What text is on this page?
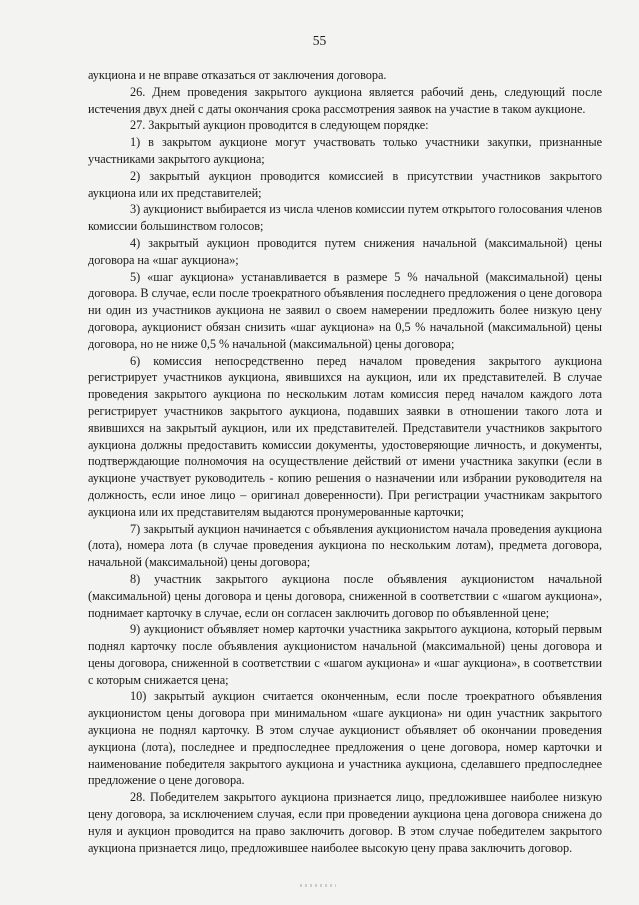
55

аукциона и не вправе отказаться от заключения договора.

26. Днем проведения закрытого аукциона является рабочий день, следующий после истечения двух дней с даты окончания срока рассмотрения заявок на участие в таком аукционе.

27. Закрытый аукцион проводится в следующем порядке:

1) в закрытом аукционе могут участвовать только участники закупки, признанные участниками закрытого аукциона;

2) закрытый аукцион проводится комиссией в присутствии участников закрытого аукциона или их представителей;

3) аукционист выбирается из числа членов комиссии путем открытого голосования членов комиссии большинством голосов;

4) закрытый аукцион проводится путем снижения начальной (максимальной) цены договора на «шаг аукциона»;

5) «шаг аукциона» устанавливается в размере 5 % начальной (максимальной) цены договора. В случае, если после троекратного объявления последнего предложения о цене договора ни один из участников аукциона не заявил о своем намерении предложить более низкую цену договора, аукционист обязан снизить «шаг аукциона» на 0,5 % начальной (максимальной) цены договора, но не ниже 0,5 % начальной (максимальной) цены договора;

6) комиссия непосредственно перед началом проведения закрытого аукциона регистрирует участников аукциона, явившихся на аукцион, или их представителей. В случае проведения закрытого аукциона по нескольким лотам комиссия перед началом каждого лота регистрирует участников закрытого аукциона, подавших заявки в отношении такого лота и явившихся на закрытый аукцион, или их представителей. Представители участников закрытого аукциона должны предоставить комиссии документы, удостоверяющие личность, и документы, подтверждающие полномочия на осуществление действий от имени участника закупки (если в аукционе участвует руководитель - копию решения о назначении или избрании руководителя на должность, если иное лицо – оригинал доверенности). При регистрации участникам закрытого аукциона или их представителям выдаются пронумерованные карточки;

7) закрытый аукцион начинается с объявления аукционистом начала проведения аукциона (лота), номера лота (в случае проведения аукциона по нескольким лотам), предмета договора, начальной (максимальной) цены договора;

8) участник закрытого аукциона после объявления аукционистом начальной (максимальной) цены договора и цены договора, сниженной в соответствии с «шагом аукциона», поднимает карточку в случае, если он согласен заключить договор по объявленной цене;

9) аукционист объявляет номер карточки участника закрытого аукциона, который первым поднял карточку после объявления аукционистом начальной (максимальной) цены договора и цены договора, сниженной в соответствии с «шагом аукциона» и «шаг аукциона», в соответствии с которым снижается цена;

10) закрытый аукцион считается оконченным, если после троекратного объявления аукционистом цены договора при минимальном «шаге аукциона» ни один участник закрытого аукциона не поднял карточку. В этом случае аукционист объявляет об окончании проведения аукциона (лота), последнее и предпоследнее предложения о цене договора, номер карточки и наименование победителя закрытого аукциона и участника аукциона, сделавшего предпоследнее предложение о цене договора.

28. Победителем закрытого аукциона признается лицо, предложившее наиболее низкую цену договора, за исключением случая, если при проведении аукциона цена договора снижена до нуля и аукцион проводится на право заключить договор. В этом случае победителем закрытого аукциона признается лицо, предложившее наиболее высокую цену права заключить договор.
